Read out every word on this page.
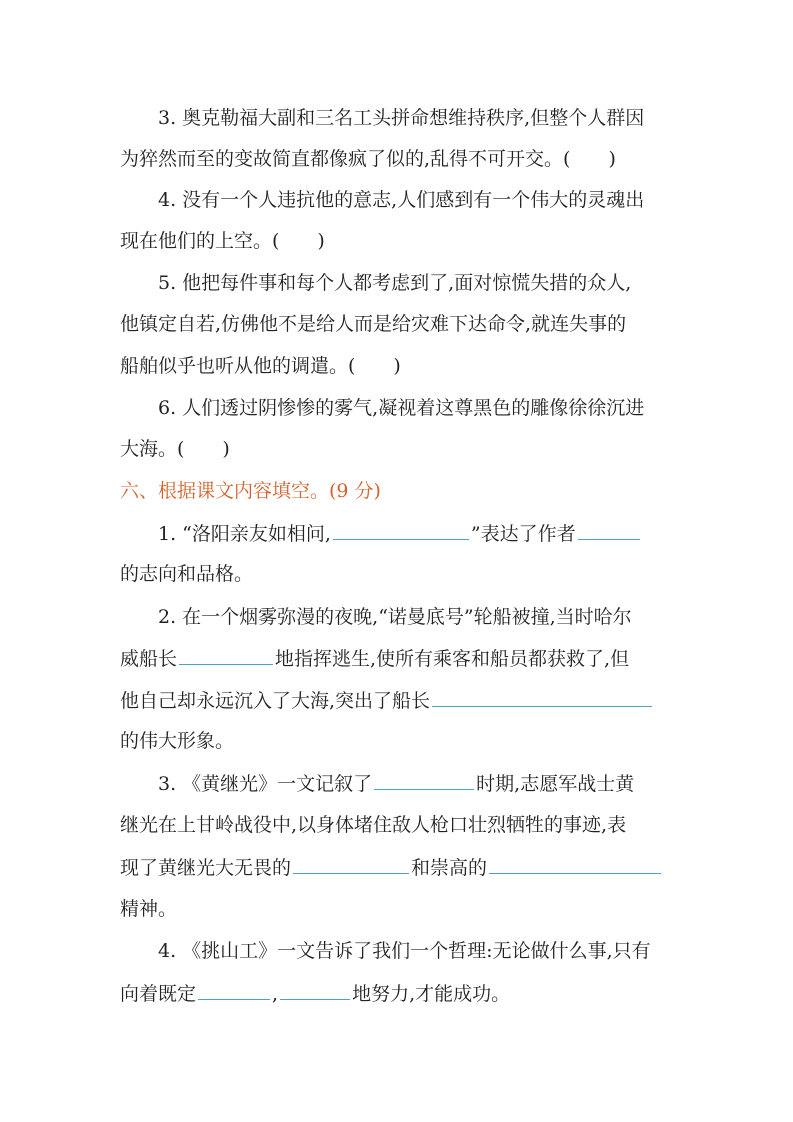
3. 奥克勒福大副和三名工头拼命想维持秩序,但整个人群因
为猝然而至的变故简直都像疯了似的,乱得不可开交。(　　)
4. 没有一个人违抗他的意志,人们感到有一个伟大的灵魂出
现在他们的上空。(　　)
5. 他把每件事和每个人都考虑到了,面对惊慌失措的众人,
他镇定自若,仿佛他不是给人而是给灾难下达命令,就连失事的
船舶似乎也听从他的调遣。(　　)
6. 人们透过阴惨惨的雾气,凝视着这尊黑色的雕像徐徐沉进
大海。(　　)
六、根据课文内容填空。(9 分)
1. “洛阳亲友如相问,	”表达了作者
的志向和品格。
2. 在一个烟雾弥漫的夜晚,“诺曼底号”轮船被撞,当时哈尔
威船长	地指挥逃生,使所有乘客和船员都获救了,但
他自己却永远沉入了大海,突出了船长
的伟大形象。
3. 《黄继光》一文记叙了	时期,志愿军战士黄
继光在上甘岭战役中,以身体堵住敌人枪口壮烈牺牲的事迹,表
现了黄继光大无畏的	和崇高的
精神。
4. 《挑山工》一文告诉了我们一个哲理:无论做什么事,只有
向着既定	,	地努力,才能成功。
